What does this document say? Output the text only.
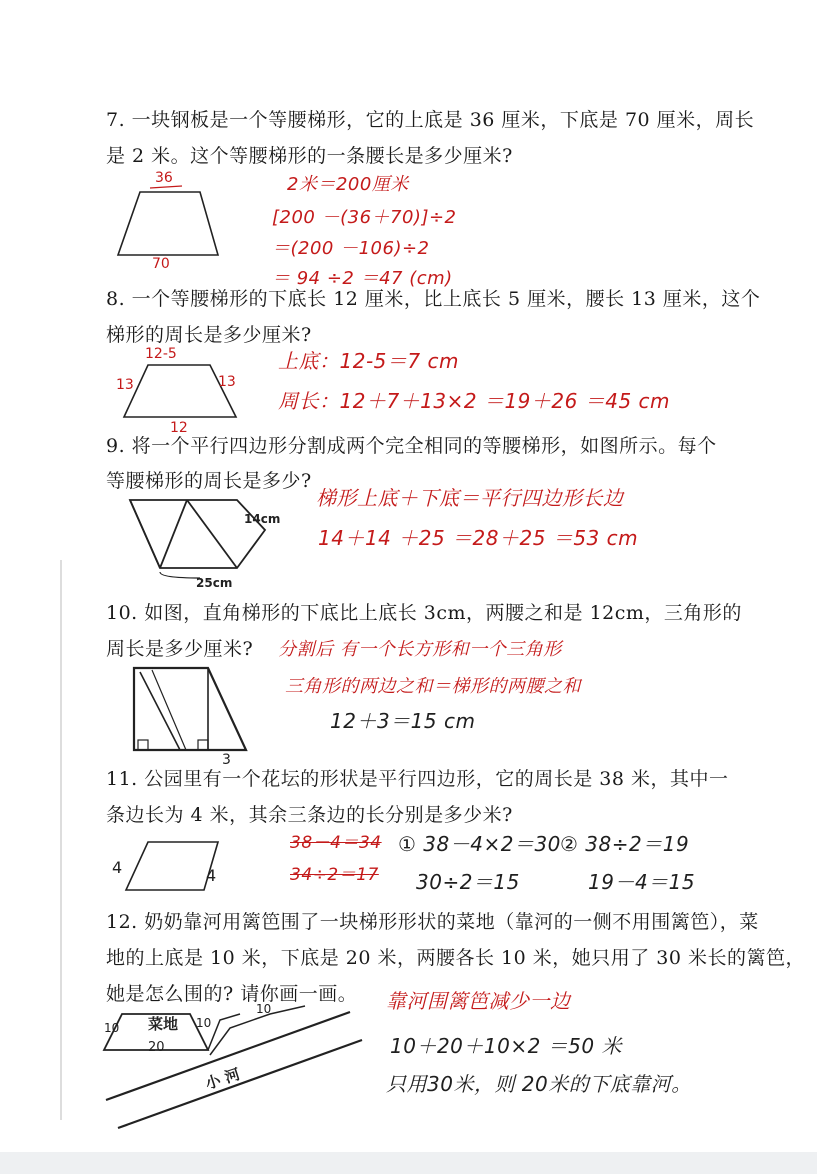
7. 一块钢板是一个等腰梯形，它的上底是 36 厘米，下底是 70 厘米，周长
是 2 米。这个等腰梯形的一条腰长是多少厘米?
36
70
2米＝200厘米
[200 －(36＋70)]÷2
＝(200 －106)÷2
＝ 94 ÷2 ＝47 (cm)
8. 一个等腰梯形的下底长 12 厘米，比上底长 5 厘米，腰长 13 厘米，这个
梯形的周长是多少厘米?
12-5
13	13
12
上底：12-5＝7 cm
周长：12＋7＋13×2 ＝19＋26 ＝45 cm
9. 将一个平行四边形分割成两个完全相同的等腰梯形，如图所示。每个
等腰梯形的周长是多少?
14cm
25cm
梯形上底＋下底＝平行四边形长边
14＋14 ＋25 ＝28＋25 ＝53 cm
10. 如图，直角梯形的下底比上底长 3cm，两腰之和是 12cm，三角形的
周长是多少厘米?
3
分割后 有一个长方形和一个三角形
三角形的两边之和＝梯形的两腰之和
12＋3＝15 cm
11. 公园里有一个花坛的形状是平行四边形，它的周长是 38 米，其中一
条边长为 4 米，其余三条边的长分别是多少米?
4	4
38－4＝34
34÷2＝17
① 38－4×2＝30
30÷2＝15
② 38÷2＝19
19－4＝15
12. 奶奶靠河用篱笆围了一块梯形形状的菜地（靠河的一侧不用围篱笆），菜
地的上底是 10 米，下底是 20 米，两腰各长 10 米，她只用了 30 米长的篱笆，
她是怎么围的? 请你画一画。
菜地
小 河
10	10
10
20
靠河围篱笆减少一边
10＋20＋10×2 ＝50 米
只用30米，则 20米的下底靠河。
